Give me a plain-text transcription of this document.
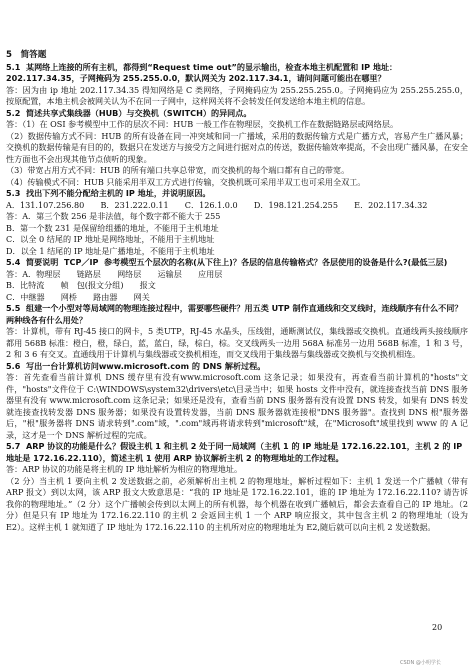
5　简答题

5.1  某网络上连接的所有主机，都得到“Request time out”的显示输出，检查本地主机配置和 IP 地址：202.117.34.35，子网掩码为 255.255.0.0，默认网关为 202.117.34.1，请问问题可能出在哪里？

答：因为由 ip 地址 202.117.34.35 得知网络是 C 类网络，子网掩码应为 255.255.255.0。子网掩码应为 255.255.255.0，按原配置，本地主机会被网关认为不在同一子网中，这样网关将不会转发任何发送给本地主机的信息。

5.2  简述共享式集线器（HUB）与交换机（SWITCH）的异同点。

答：（1）在 OSI 参考模型中工作的层次不同：HUB 一般工作在物理层，交换机工作在数据链路层或网络层。
（2）数据传输方式不同：HUB 的所有设备在同一冲突域和同一广播域，采用的数据传输方式是广播方式，容易产生广播风暴；交换机的数据传输是有目的的，数据只在发送方与接受方之间进行据对点的传送，数据传输效率提高，不会出现广播风暴，在安全性方面也不会出现其他节点侦听的现象。
（3）带宽占用方式不同：HUB 的所有端口共享总带宽，而交换机的每个端口都有自己的带宽。
（4）传输模式不同：HUB 只能采用半双工方式进行传输，交换机既可采用半双工也可采用全双工。

5.3  找出下列不能分配给主机的 IP 地址，并说明原因。

A．131.107.256.80　　B．231.222.0.11　　C．126.1.0.0　　D．198.121.254.255　　E．202.117.34.32
答：A．第三个数 256 是非法值，每个数字都不能大于 255
B．第一个数 231 是保留给组播的地址，不能用于主机地址
C．以全 0 结尾的 IP 地址是网络地址，不能用于主机地址
D．以全 1 结尾的 IP 地址是广播地址，不能用于主机地址

5.4  简要说明  TCP／IP  参考模型五个层次的名称(从下往上)？各层的信息传输格式？各层使用的设备是什么?(最低三层)

答：A．物理层　　链路层　　网络层　　运输层　　应用层
B．比特流　　帧　包(报文分组)　　报文
C．中继器　　网桥　　路由器　　网关

5.5  组建一个小型对等局域网的物理连接过程中，需要哪些硬件？用五类 UTP 制作直通线和交叉线时，连线顺序有什么不同？两种线各有什么用处？

答：计算机，带有 RJ-45 接口的网卡，5 类UTP，RJ-45 水晶头，压线钳，通断测试仪，集线器或交换机。直通线两头接线顺序都用 568B 标准：橙白，橙，绿白，蓝，蓝白，绿，棕白，棕。交叉线两头一边用 568A 标准另一边用 568B 标准，1 和 3 号，2 和 3 6 有交叉。直通线用于计算机与集线器或交换机相连，而交叉线用于集线器与集线器或交换机与交换机相连。

5.6  写出一台计算机访问www.microsoft.com 的 DNS 解析过程。

答：首先查看当前计算机 DNS 缓存里有没有www.microsoft.com 这条记录；如果没有，再查看当前计算机的"hosts"文件，"hosts"文件位于 C:\WINDOWS\system32\drivers\etc\目录当中；如果 hosts 文件中没有，就连接查找当前 DNS 服务器里有没有 www.microsoft.com 这条记录；如果还是没有，查看当前 DNS 服务器有没有设置 DNS 转发，如果有 DNS 转发就连接查找转发器 DNS 服务器；如果没有设置转发器，当前 DNS 服务器就连接根"DNS 服务器"。查找到 DNS 根"服务器后，"根"服务器将 DNS 请求转到".com"域，".com"域再将请求转到"microsoft"域，在"Microsoft"域里找到 www 的 A 记录，这才是一个 DNS 解析过程的完成。

5.7  ARP 协议的功能是什么？假设主机 1 和主机 2 处于同一局域网（主机 1 的 IP 地址是 172.16.22.101，主机 2 的 IP 地址是 172.16.22.110），简述主机 1 使用 ARP 协议解析主机 2 的物理地址的工作过程。

答：ARP 协议的功能是将主机的 IP 地址解析为相应的物理地址。
（2 分）当主机 1 要向主机 2 发送数据之前，必须解析出主机 2 的物理地址，解析过程如下：主机 1 发送一个广播帧（带有 ARP 报文）到以太网，该 ARP 报文大致意思是：“我的 IP 地址是 172.16.22.101，谁的 IP 地址为 172.16.22.110? 请告诉我你的物理地址。”（2 分）这个广播帧会传到以太网上的所有机器，每个机器在收到广播帧后，都会去查看自己的 IP 地址。（2 分）但是只有 IP 地址为 172.16.22.110 的主机 2 会返回主机 1 一个 ARP 响应报文，其中包含主机 2 的物理地址（设为 E2）。这样主机 1 就知道了 IP 地址为 172.16.22.110 的主机所对应的物理地址为 E2,随后就可以向主机 2 发送数据。

20
CSDN @小明学长
